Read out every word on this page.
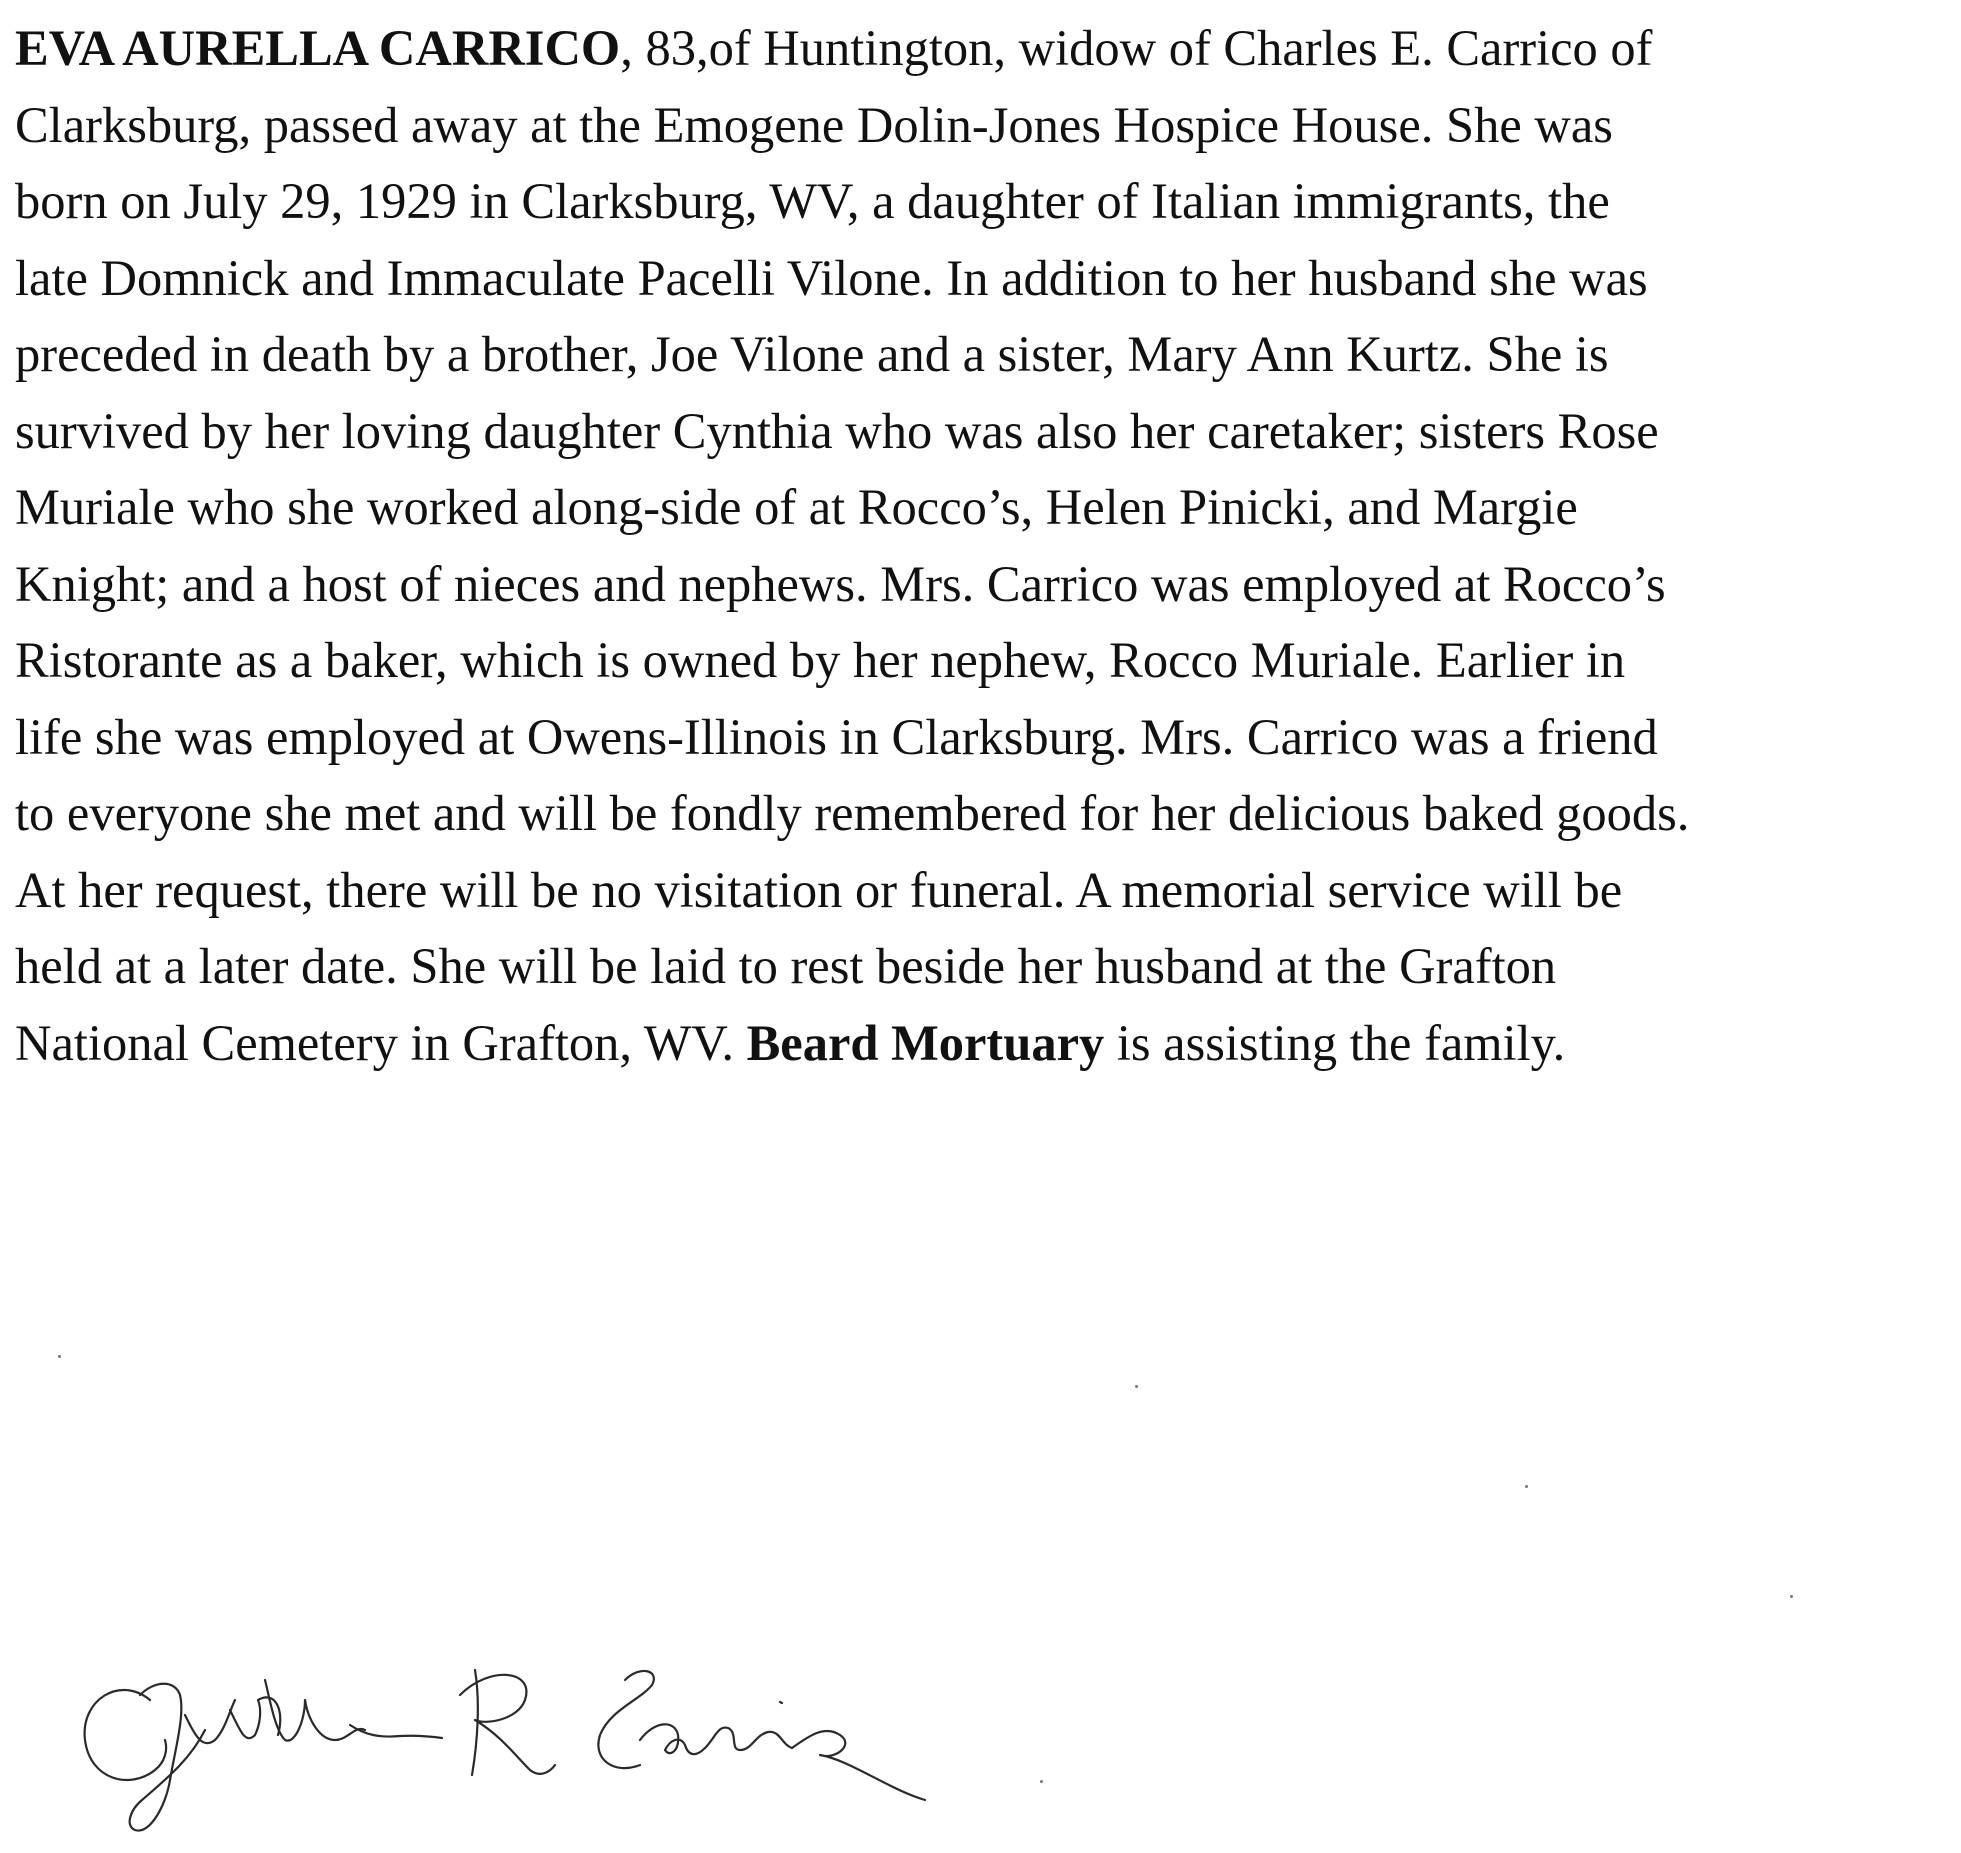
EVA AURELLA CARRICO, 83,of Huntington, widow of Charles E. Carrico of
Clarksburg, passed away at the Emogene Dolin-Jones Hospice House. She was
born on July 29, 1929 in Clarksburg, WV, a daughter of Italian immigrants, the
late Domnick and Immaculate Pacelli Vilone. In addition to her husband she was
preceded in death by a brother, Joe Vilone and a sister, Mary Ann Kurtz. She is
survived by her loving daughter Cynthia who was also her caretaker; sisters Rose
Muriale who she worked along-side of at Rocco’s, Helen Pinicki, and Margie
Knight; and a host of nieces and nephews. Mrs. Carrico was employed at Rocco’s
Ristorante as a baker, which is owned by her nephew, Rocco Muriale. Earlier in
life she was employed at Owens-Illinois in Clarksburg. Mrs. Carrico was a friend
to everyone she met and will be fondly remembered for her delicious baked goods.
At her request, there will be no visitation or funeral. A memorial service will be
held at a later date. She will be laid to rest beside her husband at the Grafton
National Cemetery in Grafton, WV. Beard Mortuary is assisting the family.
